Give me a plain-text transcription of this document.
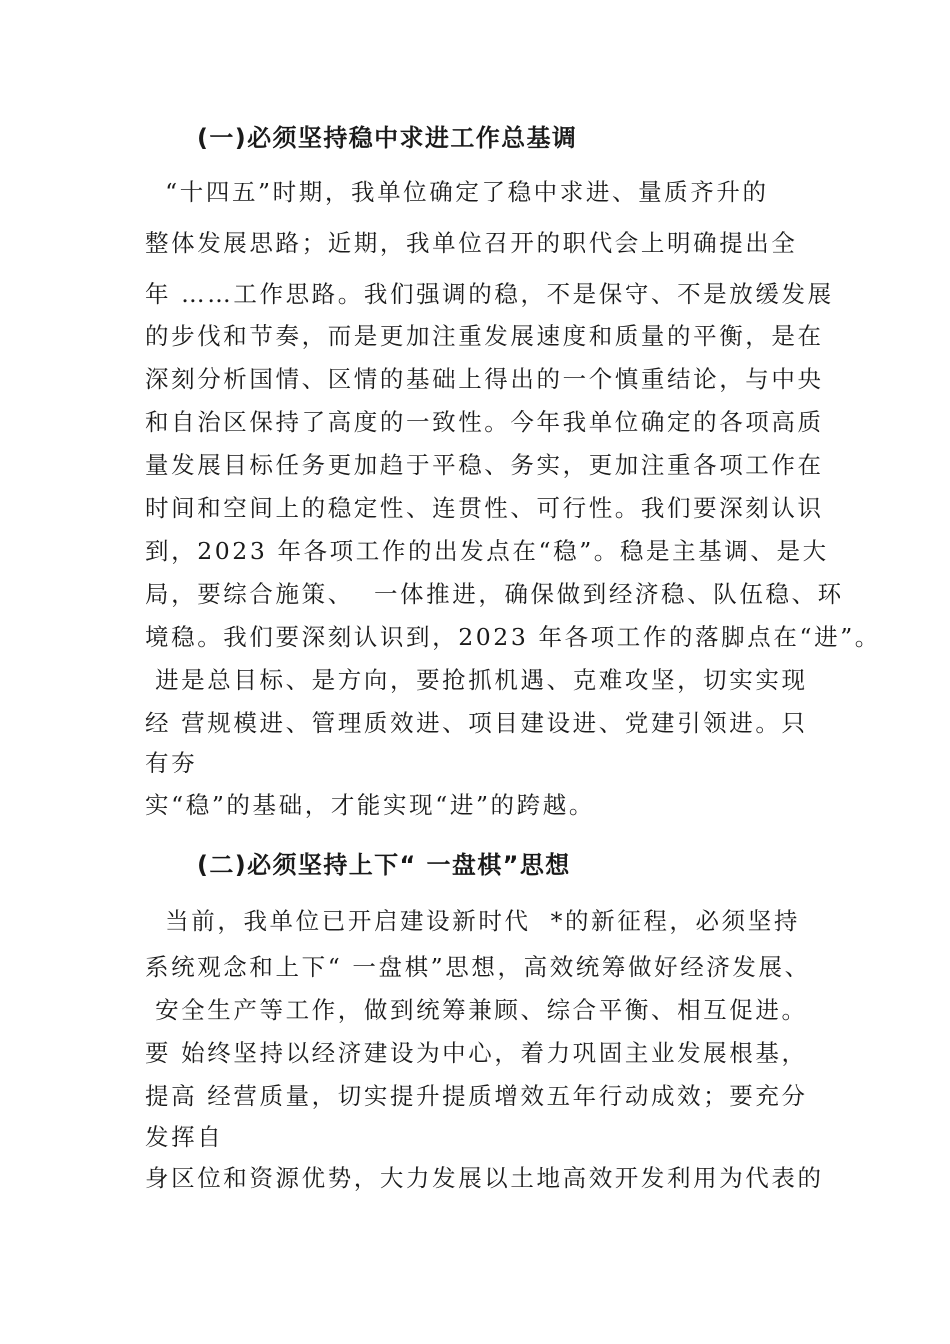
(一)必须坚持稳中求进工作总基调

“十四五”时期，我单位确定了稳中求进、量质齐升的

整体发展思路；近期，我单位召开的职代会上明确提出全

年 ……工作思路。我们强调的稳，不是保守、不是放缓发展

的步伐和节奏，而是更加注重发展速度和质量的平衡，是在

深刻分析国情、区情的基础上得出的一个慎重结论，与中央

和自治区保持了高度的一致性。今年我单位确定的各项高质

量发展目标任务更加趋于平稳、务实，更加注重各项工作在

时间和空间上的稳定性、连贯性、可行性。我们要深刻认识

到，2023 年各项工作的出发点在“稳”。稳是主基调、是大

局，要综合施策、  一体推进，确保做到经济稳、队伍稳、环

境稳。我们要深刻认识到，2023 年各项工作的落脚点在“进”。

进是总目标、是方向，要抢抓机遇、克难攻坚，切实实现

经 营规模进、管理质效进、项目建设进、党建引领进。只

有夯

实“稳”的基础，才能实现“进”的跨越。

(二)必须坚持上下“ 一盘棋”思想

当前，我单位已开启建设新时代  *的新征程，必须坚持

系统观念和上下“ 一盘棋”思想，高效统筹做好经济发展、

安全生产等工作，做到统筹兼顾、综合平衡、相互促进。

要 始终坚持以经济建设为中心，着力巩固主业发展根基，

提高 经营质量，切实提升提质增效五年行动成效；要充分

发挥自

身区位和资源优势，大力发展以土地高效开发利用为代表的
